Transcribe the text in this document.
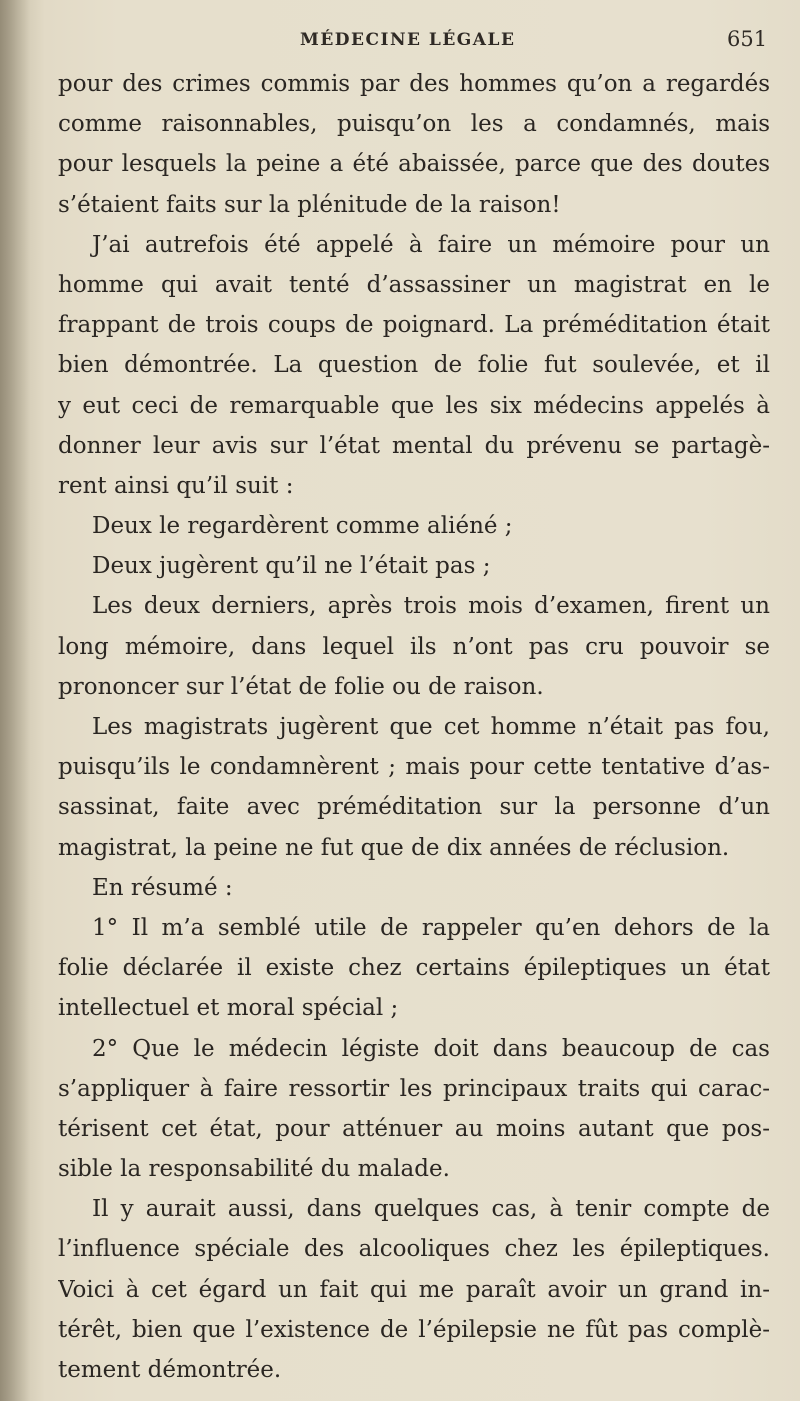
MÉDECINE LÉGALE	651
pour des crimes commis par des hommes qu’on a regardés
comme raisonnables, puisqu’on les a condamnés, mais
pour lesquels la peine a été abaissée, parce que des doutes
s’étaient faits sur la plénitude de la raison!
J’ai autrefois été appelé à faire un mémoire pour un
homme qui avait tenté d’assassiner un magistrat en le
frappant de trois coups de poignard. La préméditation était
bien démontrée. La question de folie fut soulevée, et il
y eut ceci de remarquable que les six médecins appelés à
donner leur avis sur l’état mental du prévenu se partagè-
rent ainsi qu’il suit :
Deux le regardèrent comme aliéné ;
Deux jugèrent qu’il ne l’était pas ;
Les deux derniers, après trois mois d’examen, firent un
long mémoire, dans lequel ils n’ont pas cru pouvoir se
prononcer sur l’état de folie ou de raison.
Les magistrats jugèrent que cet homme n’était pas fou,
puisqu’ils le condamnèrent ; mais pour cette tentative d’as-
sassinat, faite avec préméditation sur la personne d’un
magistrat, la peine ne fut que de dix années de réclusion.
En résumé :
1° Il m’a semblé utile de rappeler qu’en dehors de la
folie déclarée il existe chez certains épileptiques un état
intellectuel et moral spécial ;
2° Que le médecin légiste doit dans beaucoup de cas
s’appliquer à faire ressortir les principaux traits qui carac-
térisent cet état, pour atténuer au moins autant que pos-
sible la responsabilité du malade.
Il y aurait aussi, dans quelques cas, à tenir compte de
l’influence spéciale des alcooliques chez les épileptiques.
Voici à cet égard un fait qui me paraît avoir un grand in-
térêt, bien que l’existence de l’épilepsie ne fût pas complè-
tement démontrée.
